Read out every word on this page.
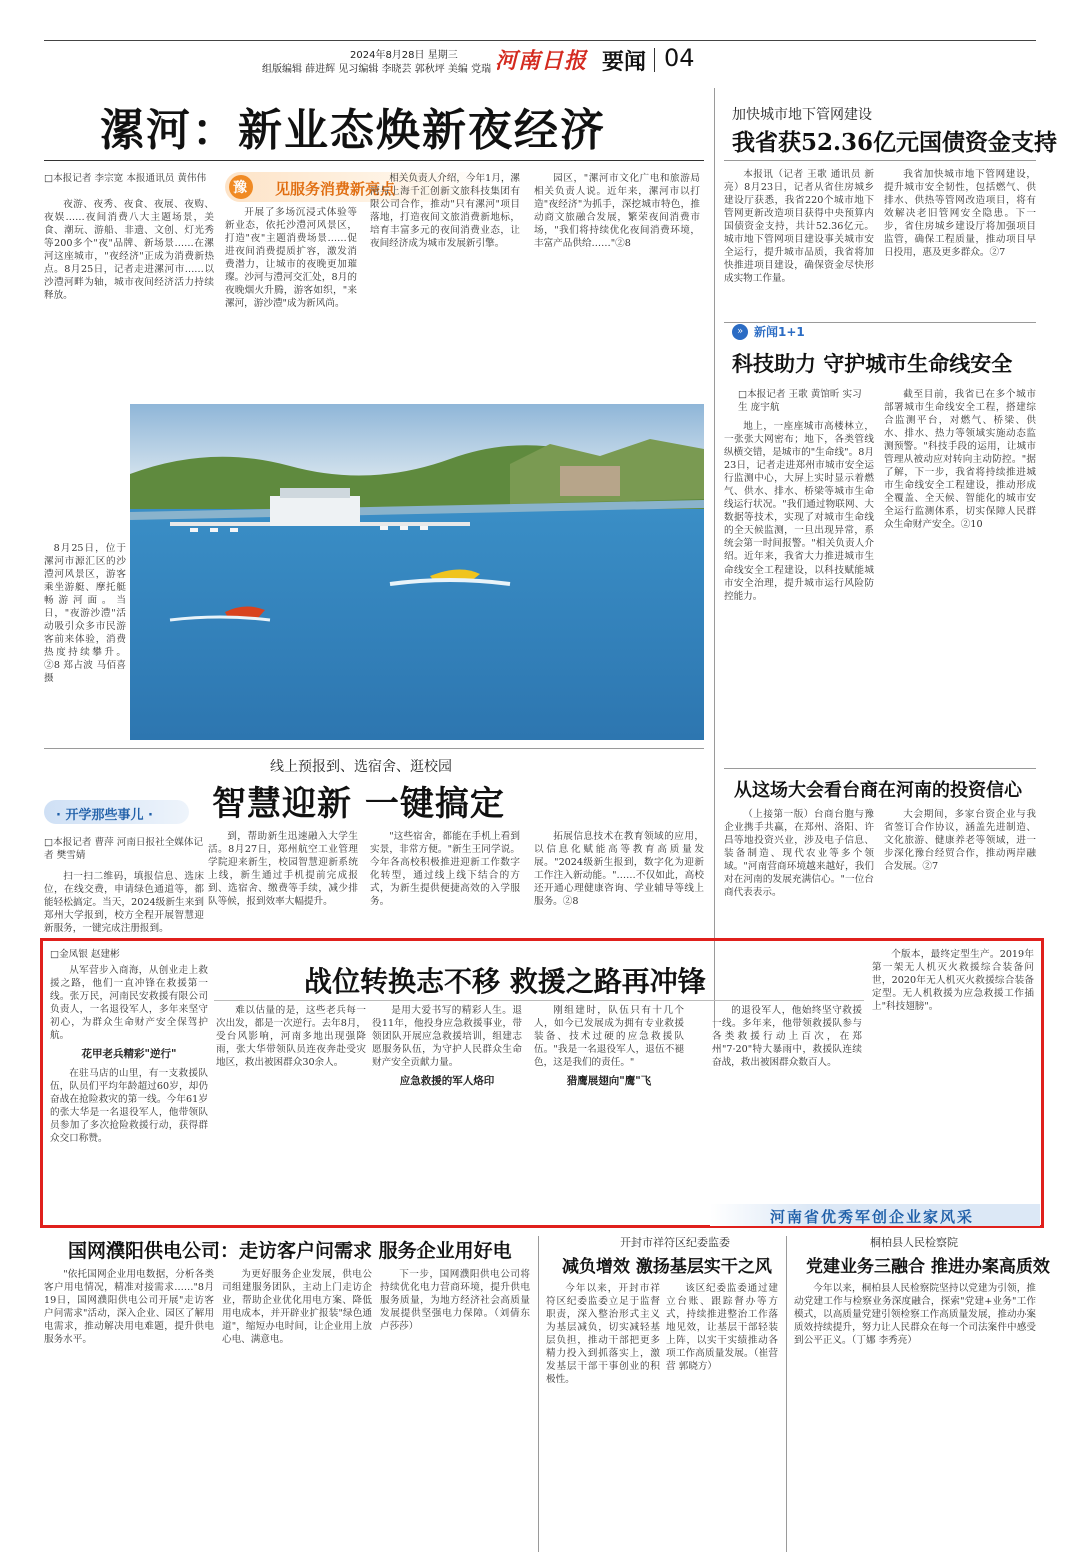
2024年8月28日 星期三
组版编辑 薛进辉 见习编辑 李晓芸 郭秋坪 美编 党瑞 河南日报 要闻 04
漯河：新业态焕新夜经济
□本报记者 李宗宽 本报通讯员 黄伟伟
豫 见服务消费新亮点

夜游、夜秀、夜食、夜展、夜购、夜娱……夜间消费八大主题场景，美食、潮玩、游船、非遗、文创、灯光秀等200多个"夜"品牌、新场景……在漯河这座城市，"夜经济"正成为消费新热点。8月25日，记者走进漯河市……以沙澧河畔为轴，城市夜间经济活力持续释放。

开展了多场沉浸式体验等新业态，依托沙澧河风景区，打造"夜"主题消费场景……促进夜间消费提质扩容，激发消费潜力，让城市的夜晚更加璀璨。沙河与澧河交汇处，8月的夜晚烟火升腾，游客如织，"来漯河，游沙澧"成为新风尚。

相关负责人介绍，今年1月，漯河与上海千汇创新文旅科技集团有限公司合作，推动"只有漯河"项目落地，打造夜间文旅消费新地标，培育丰富多元的夜间消费业态，让夜间经济成为城市发展新引擎。

园区，"漯河市文化广电和旅游局相关负责人说。近年来，漯河市以打造"夜经济"为抓手，深挖城市特色，推动商文旅融合发展，繁荣夜间消费市场，"我们将持续优化夜间消费环境，丰富产品供给……"②8

8月25日，位于漯河市源汇区的沙澧河风景区，游客乘坐游艇、摩托艇畅游河面。当日，"夜游沙澧"活动吸引众多市民游客前来体验，消费热度持续攀升。②8 郑占波 马佰喜 摄

加快城市地下管网建设
我省获52.36亿元国债资金支持

本报讯（记者 王歌 通讯员 新亮）8月23日，记者从省住房城乡建设厅获悉，我省220个城市地下管网更新改造项目获得中央预算内国债资金支持，共计52.36亿元。城市地下管网项目建设事关城市安全运行，提升城市品质，我省将加快推进项目建设，确保资金尽快形成实物工作量。

我省加快城市地下管网建设，提升城市安全韧性，包括燃气、供排水、供热等管网改造项目，将有效解决老旧管网安全隐患。下一步，省住房城乡建设厅将加强项目监管，确保工程质量，推动项目早日投用，惠及更多群众。②7

» 新闻1+1
科技助力 守护城市生命线安全
□本报记者 王歌 黄馆昕 实习生 庞宇航

地上，一座座城市高楼林立，一张张大网密布；地下，各类管线纵横交错，是城市的"生命线"。8月23日，记者走进郑州市城市安全运行监测中心，大屏上实时显示着燃气、供水、排水、桥梁等城市生命线运行状况。"我们通过物联网、大数据等技术，实现了对城市生命线的全天候监测，一旦出现异常，系统会第一时间报警。"相关负责人介绍。近年来，我省大力推进城市生命线安全工程建设，以科技赋能城市安全治理，提升城市运行风险防控能力。

截至目前，我省已在多个城市部署城市生命线安全工程，搭建综合监测平台，对燃气、桥梁、供水、排水、热力等领域实施动态监测预警。"科技手段的运用，让城市管理从被动应对转向主动防控。"据了解，下一步，我省将持续推进城市生命线安全工程建设，推动形成全覆盖、全天候、智能化的城市安全运行监测体系，切实保障人民群众生命财产安全。②10

从这场大会看台商在河南的投资信心

（上接第一版）台商台胞与豫企业携手共赢，在郑州、洛阳、许昌等地投资兴业，涉及电子信息、装备制造、现代农业等多个领域。"河南营商环境越来越好，我们对在河南的发展充满信心。"一位台商代表表示。

大会期间，多家台资企业与我省签订合作协议，涵盖先进制造、文化旅游、健康养老等领域，进一步深化豫台经贸合作，推动两岸融合发展。②7

线上预报到、选宿舍、逛校园
智慧迎新 一键搞定
· 开学那些事儿 ·
□本报记者 曹萍 河南日报社全媒体记者 樊雪婧

扫一扫二维码，填报信息、选床位，在线交费，申请绿色通道等，都能轻松搞定。当天，2024级新生来到郑州大学报到，校方全程开展智慧迎新服务，一键完成注册报到。

到，帮助新生迅速融入大学生活。8月27日，郑州航空工业管理学院迎来新生，校园智慧迎新系统上线，新生通过手机提前完成报到、选宿舍、缴费等手续，减少排队等候，报到效率大幅提升。

"这些宿舍，都能在手机上看到实景，非常方便。"新生王同学说。今年各高校积极推进迎新工作数字化转型，通过线上线下结合的方式，为新生提供便捷高效的入学服务。

拓展信息技术在教育领域的应用，以信息化赋能高等教育高质量发展。"2024级新生报到，数字化为迎新工作注入新动能。"……不仅如此，高校还开通心理健康咨询、学业辅导等线上服务。②8

□金凤银 赵建彬
战位转换志不移 救援之路再冲锋

从军营步入商海，从创业走上救援之路，他们一直冲锋在救援第一线。张万民，河南民安救援有限公司负责人，一名退役军人，多年来坚守初心，为群众生命财产安全保驾护航。

花甲老兵精彩"逆行"

在驻马店的山里，有一支救援队伍，队员们平均年龄超过60岁，却仍奋战在抢险救灾的第一线。今年61岁的张大华是一名退役军人，他带领队员参加了多次抢险救援行动，获得群众交口称赞。

难以估量的是，这些老兵每一次出发，都是一次逆行。去年8月，受台风影响，河南多地出现强降雨，张大华带领队员连夜奔赴受灾地区，救出被困群众30余人。

是用大爱书写的精彩人生。退役11年，他投身应急救援事业，带领团队开展应急救援培训，组建志愿服务队伍，为守护人民群众生命财产安全贡献力量。

应急救援的军人烙印

刚组建时，队伍只有十几个人，如今已发展成为拥有专业救援装备、技术过硬的应急救援队伍。"我是一名退役军人，退伍不褪色，这是我们的责任。"

猎鹰展翅向"鹰"飞

的退役军人，他始终坚守救援一线。多年来，他带领救援队参与各类救援行动上百次，在郑州"7·20"特大暴雨中，救援队连续奋战，救出被困群众数百人。

个版本，最终定型生产。2019年第一架无人机灭火救援综合装备问世，2020年无人机灭火救援综合装备定型。无人机救援为应急救援工作插上"科技翅膀"。

河南省优秀军创企业家风采
国网濮阳供电公司：走访客户问需求 服务企业用好电

"依托国网企业用电数据，分析各类客户用电情况，精准对接需求……"8月19日，国网濮阳供电公司开展"走访客户问需求"活动，深入企业、园区了解用电需求，推动解决用电难题，提升供电服务水平。

为更好服务企业发展，供电公司组建服务团队，主动上门走访企业，帮助企业优化用电方案、降低用电成本，并开辟业扩报装"绿色通道"，缩短办电时间，让企业用上放心电、满意电。

下一步，国网濮阳供电公司将持续优化电力营商环境，提升供电服务质量，为地方经济社会高质量发展提供坚强电力保障。（刘倩东 卢莎莎）

开封市祥符区纪委监委
减负增效 激扬基层实干之风

今年以来，开封市祥符区纪委监委立足于监督职责，深入整治形式主义为基层减负，切实减轻基层负担，推动干部把更多精力投入到抓落实上，激发基层干部干事创业的积极性。

该区纪委监委通过建立台账、跟踪督办等方式，持续推进整治工作落地见效，让基层干部轻装上阵，以实干实绩推动各项工作高质量发展。（崔营营 郭晓方）

桐柏县人民检察院
党建业务三融合 推进办案高质效

今年以来，桐柏县人民检察院坚持以党建为引领，推动党建工作与检察业务深度融合，探索"党建+业务"工作模式，以高质量党建引领检察工作高质量发展，推动办案质效持续提升，努力让人民群众在每一个司法案件中感受到公平正义。（丁娜 李秀亮）
